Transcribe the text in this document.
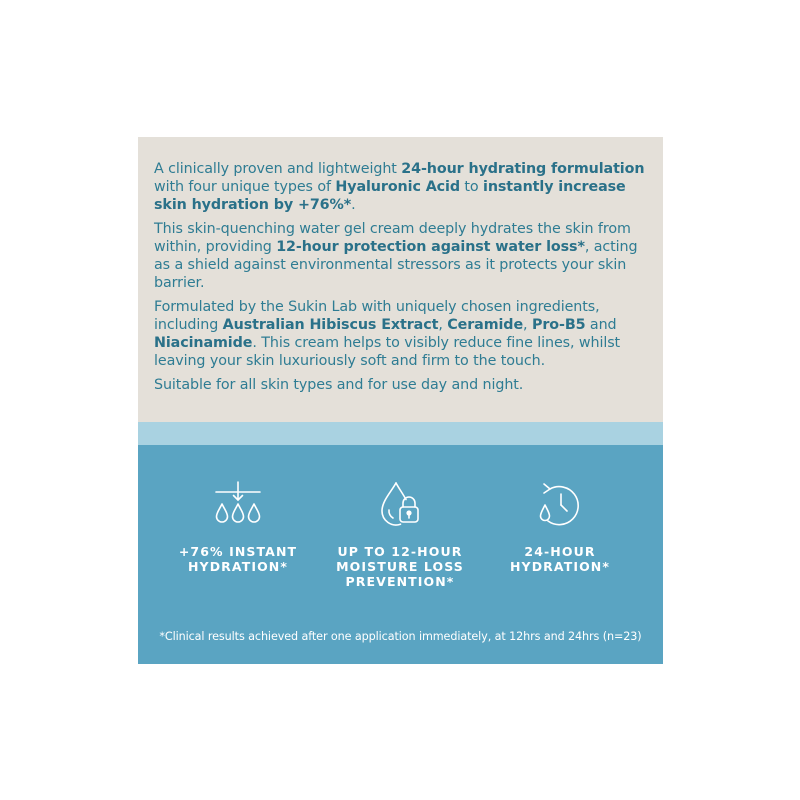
A clinically proven and lightweight 24-hour hydrating formulation with four unique types of Hyaluronic Acid to instantly increase skin hydration by +76%*.

This skin-quenching water gel cream deeply hydrates the skin from within, providing 12-hour protection against water loss*, acting as a shield against environmental stressors as it protects your skin barrier.

Formulated by the Sukin Lab with uniquely chosen ingredients, including Australian Hibiscus Extract, Ceramide, Pro-B5 and Niacinamide. This cream helps to visibly reduce fine lines, whilst leaving your skin luxuriously soft and firm to the touch.

Suitable for all skin types and for use day and night.

+76% INSTANT
HYDRATION*
UP TO 12-HOUR
MOISTURE LOSS
PREVENTION*
24-HOUR
HYDRATION*
*Clinical results achieved after one application immediately, at 12hrs and 24hrs (n=23)
